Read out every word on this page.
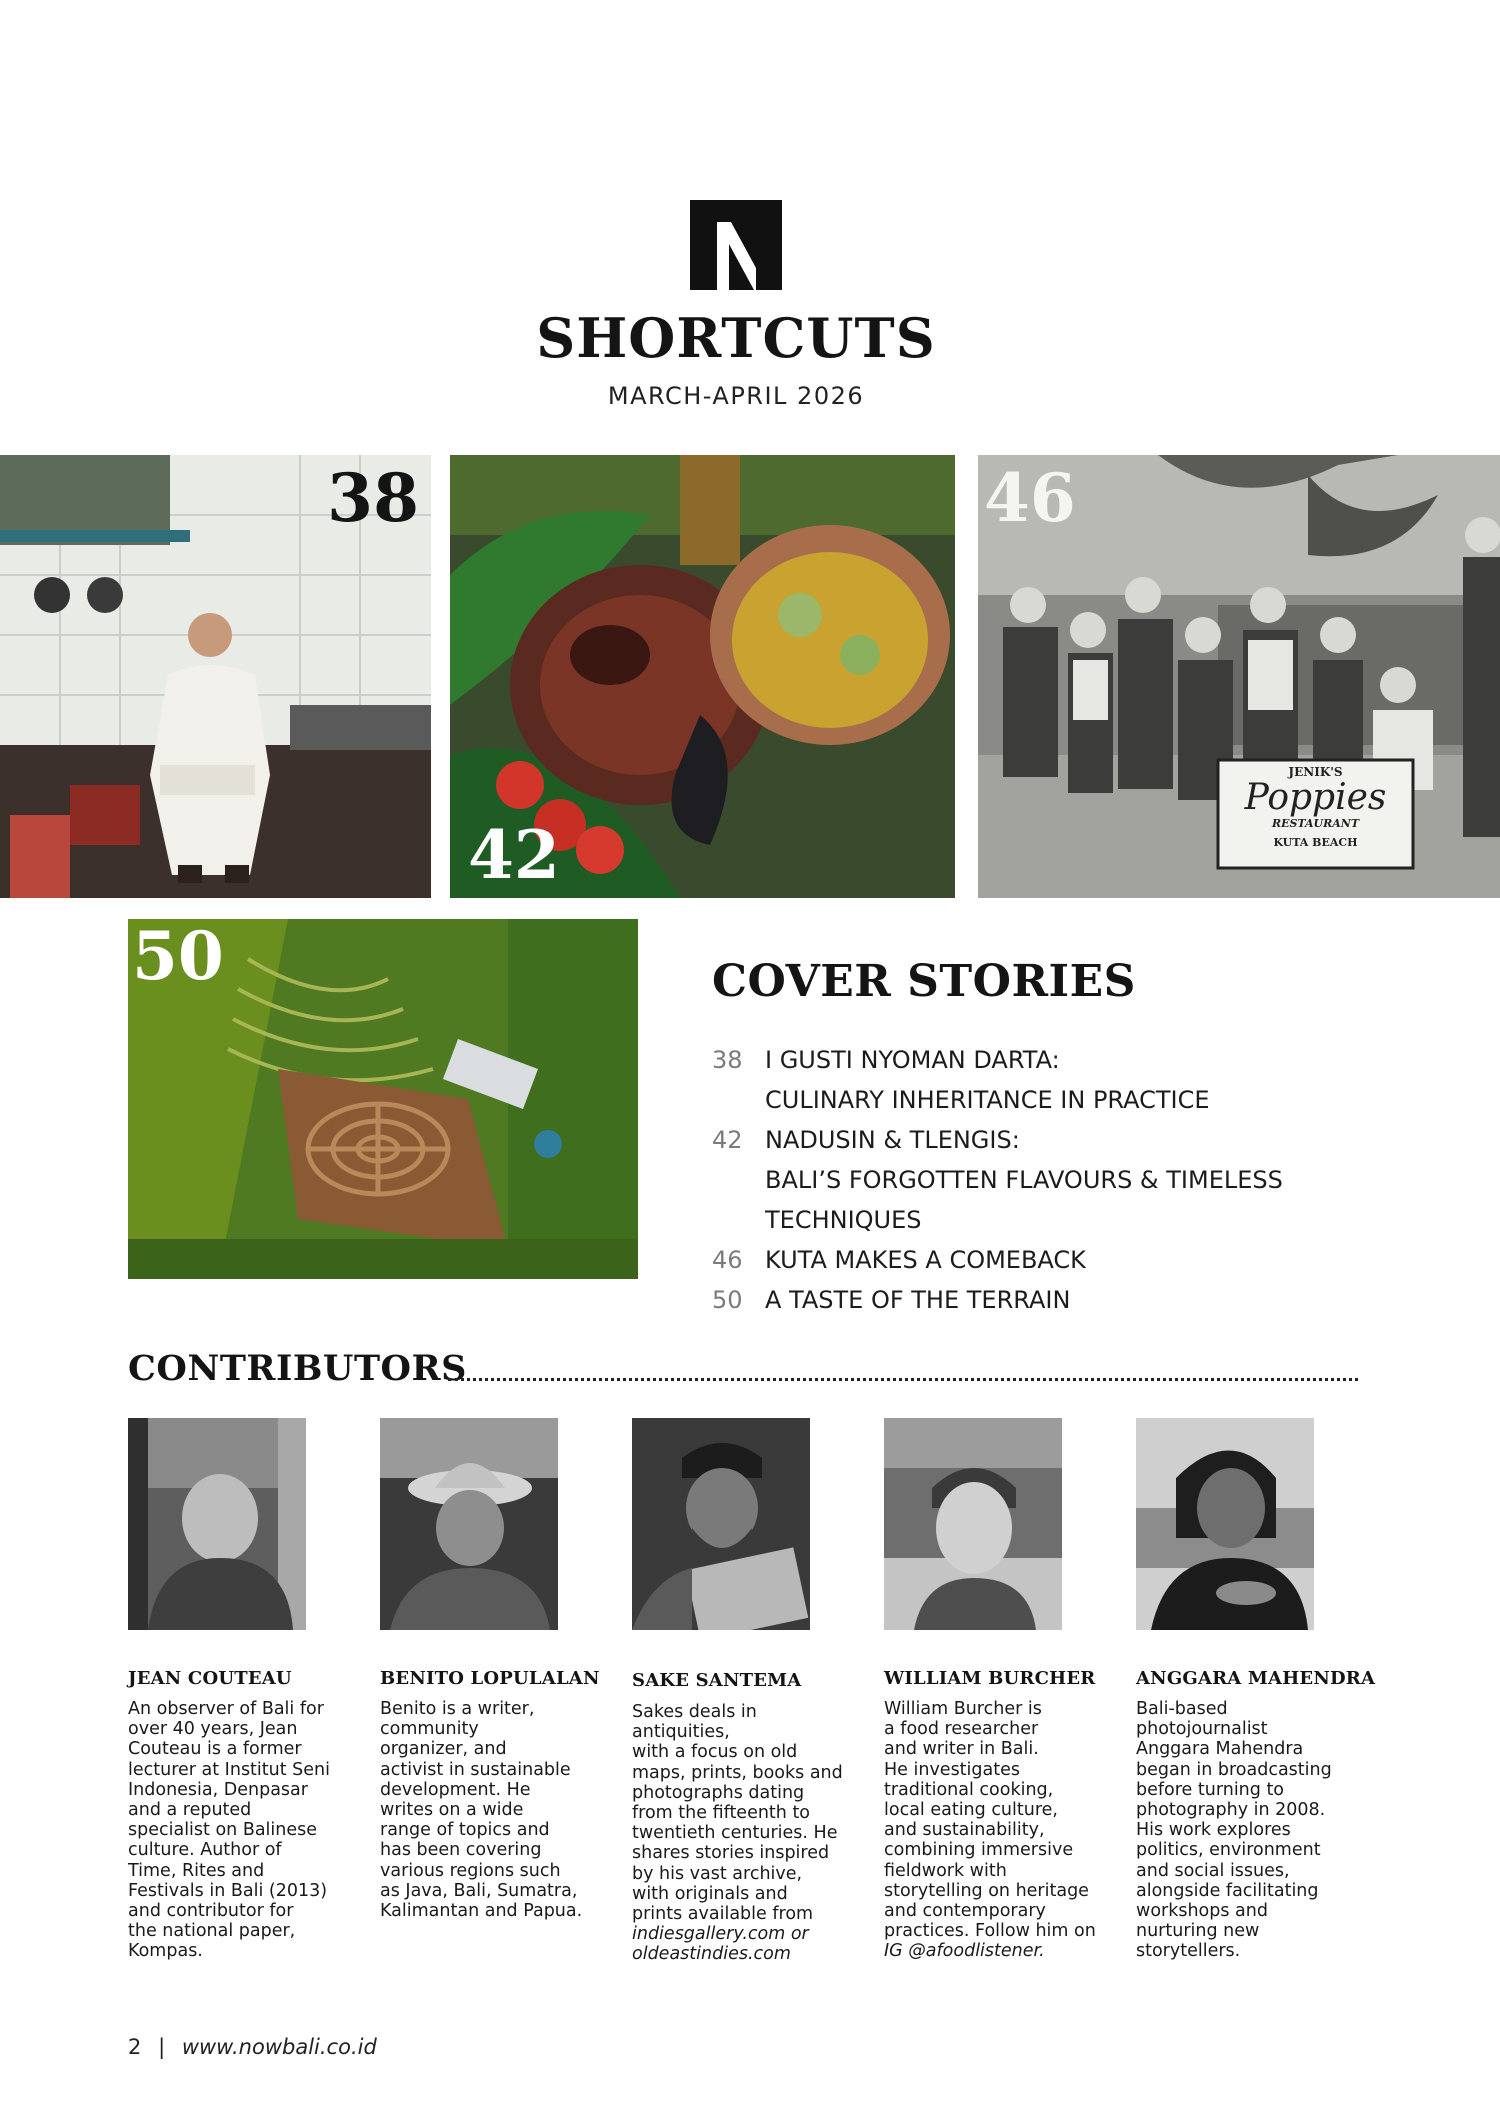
SHORTCUTS
MARCH-APRIL 2026
38
42
JENIK'S
Poppies
RESTAURANT
KUTA BEACH
46
50	COVER STORIES
38 I GUSTI NYOMAN DARTA:
CULINARY INHERITANCE IN PRACTICE
42 NADUSIN & TLENGIS:
BALI’S FORGOTTEN FLAVOURS & TIMELESS
TECHNIQUES
46 KUTA MAKES A COMEBACK
50 A TASTE OF THE TERRAIN
CONTRIBUTORS
JEAN COUTEAU
An observer of Bali for
over 40 years, Jean
Couteau is a former
lecturer at Institut Seni
Indonesia, Denpasar
and a reputed
specialist on Balinese
culture. Author of
Time, Rites and
Festivals in Bali (2013)
and contributor for
the national paper,
Kompas.
BENITO LOPULALAN
Benito is a writer,
community
organizer, and
activist in sustainable
development. He
writes on a wide
range of topics and
has been covering
various regions such
as Java, Bali, Sumatra,
Kalimantan and Papua.
SAKE SANTEMA
Sakes deals in
antiquities,
with a focus on old
maps, prints, books and
photographs dating
from the fifteenth to
twentieth centuries. He
shares stories inspired
by his vast archive,
with originals and
prints available from
indiesgallery.com or
oldeastindies.com
WILLIAM BURCHER
William Burcher is
a food researcher
and writer in Bali.
He investigates
traditional cooking,
local eating culture,
and sustainability,
combining immersive
fieldwork with
storytelling on heritage
and contemporary
practices. Follow him on
IG @afoodlistener.
ANGGARA MAHENDRA
Bali-based
photojournalist
Anggara Mahendra
began in broadcasting
before turning to
photography in 2008.
His work explores
politics, environment
and social issues,
alongside facilitating
workshops and
nurturing new
storytellers.
2 | www.nowbali.co.id
